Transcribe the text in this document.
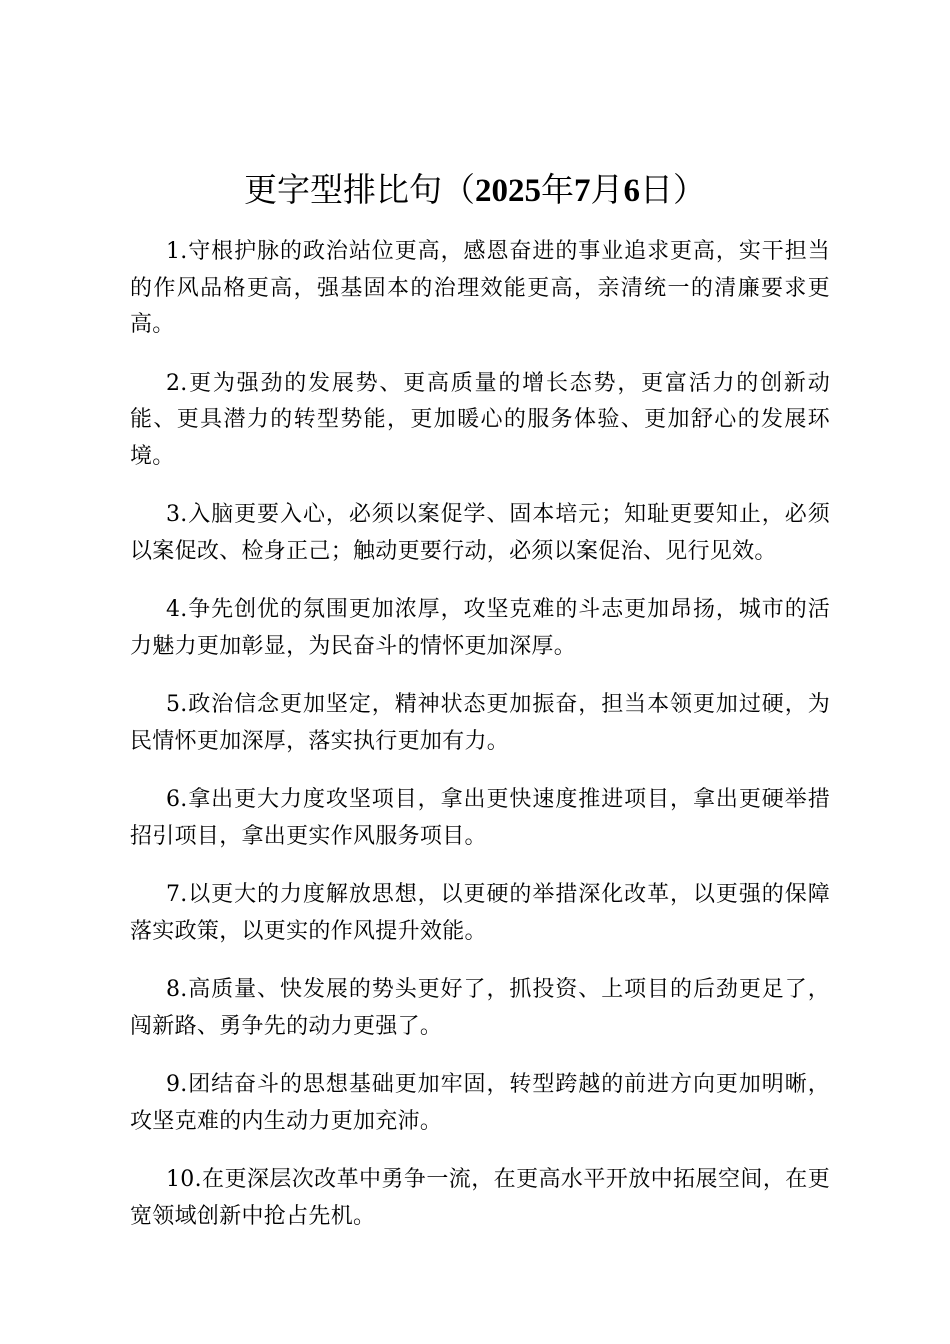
更字型排比句（2025年7月6日）

1.守根护脉的政治站位更高，感恩奋进的事业追求更高，实干担当的作风品格更高，强基固本的治理效能更高，亲清统一的清廉要求更高。

2.更为强劲的发展势、更高质量的增长态势，更富活力的创新动能、更具潜力的转型势能，更加暖心的服务体验、更加舒心的发展环境。

3.入脑更要入心，必须以案促学、固本培元；知耻更要知止，必须以案促改、检身正己；触动更要行动，必须以案促治、见行见效。

4.争先创优的氛围更加浓厚，攻坚克难的斗志更加昂扬，城市的活力魅力更加彰显，为民奋斗的情怀更加深厚。

5.政治信念更加坚定，精神状态更加振奋，担当本领更加过硬，为民情怀更加深厚，落实执行更加有力。

6.拿出更大力度攻坚项目，拿出更快速度推进项目，拿出更硬举措招引项目，拿出更实作风服务项目。

7.以更大的力度解放思想，以更硬的举措深化改革，以更强的保障落实政策，以更实的作风提升效能。

8.高质量、快发展的势头更好了，抓投资、上项目的后劲更足了，闯新路、勇争先的动力更强了。

9.团结奋斗的思想基础更加牢固，转型跨越的前进方向更加明晰，攻坚克难的内生动力更加充沛。

10.在更深层次改革中勇争一流，在更高水平开放中拓展空间，在更宽领域创新中抢占先机。
